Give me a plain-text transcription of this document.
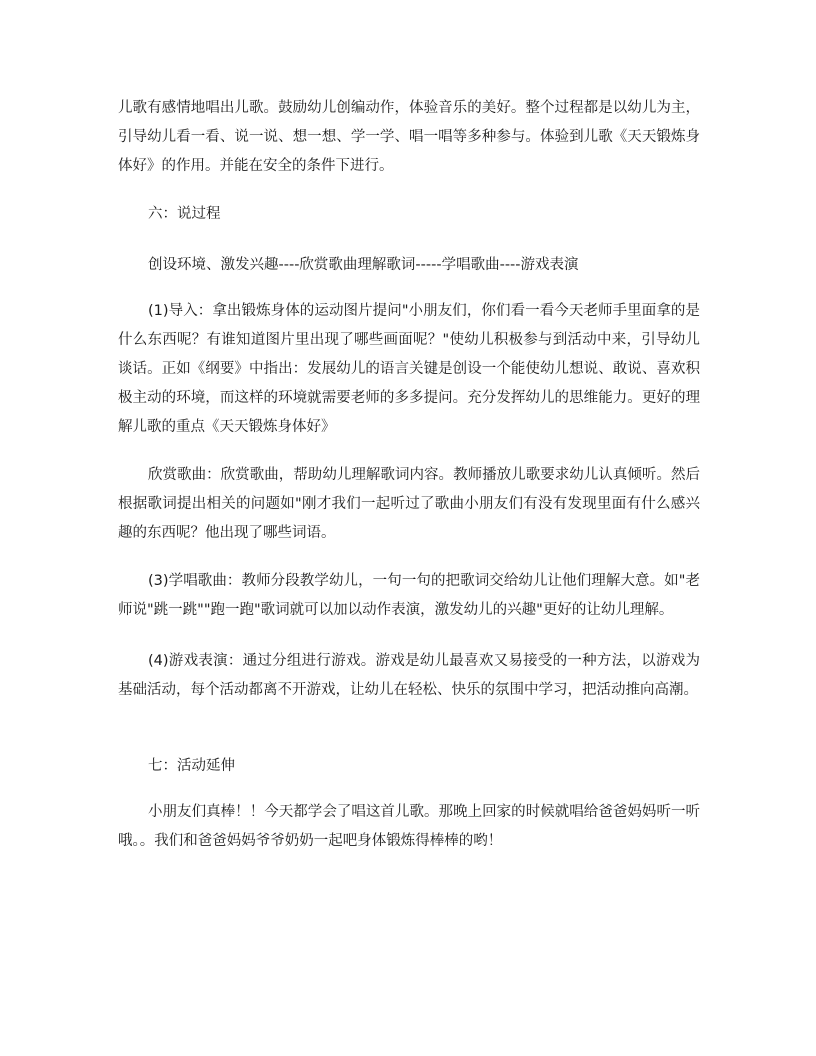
儿歌有感情地唱出儿歌。鼓励幼儿创编动作，体验音乐的美好。整个过程都是以幼儿为主，引导幼儿看一看、说一说、想一想、学一学、唱一唱等多种参与。体验到儿歌《天天锻炼身体好》的作用。并能在安全的条件下进行。

六：说过程

创设环境、激发兴趣----欣赏歌曲理解歌词-----学唱歌曲----游戏表演

(1)导入：拿出锻炼身体的运动图片提问"小朋友们，你们看一看今天老师手里面拿的是什么东西呢？有谁知道图片里出现了哪些画面呢？"使幼儿积极参与到活动中来，引导幼儿谈话。正如《纲要》中指出：发展幼儿的语言关键是创设一个能使幼儿想说、敢说、喜欢积极主动的环境，而这样的环境就需要老师的多多提问。充分发挥幼儿的思维能力。更好的理解儿歌的重点《天天锻炼身体好》

欣赏歌曲：欣赏歌曲，帮助幼儿理解歌词内容。教师播放儿歌要求幼儿认真倾听。然后根据歌词提出相关的问题如"刚才我们一起听过了歌曲小朋友们有没有发现里面有什么感兴趣的东西呢？他出现了哪些词语。

(3)学唱歌曲：教师分段教学幼儿，一句一句的把歌词交给幼儿让他们理解大意。如"老师说"跳一跳""跑一跑"歌词就可以加以动作表演，激发幼儿的兴趣"更好的让幼儿理解。

(4)游戏表演：通过分组进行游戏。游戏是幼儿最喜欢又易接受的一种方法，以游戏为基础活动，每个活动都离不开游戏，让幼儿在轻松、快乐的氛围中学习，把活动推向高潮。

七：活动延伸

小朋友们真棒！！今天都学会了唱这首儿歌。那晚上回家的时候就唱给爸爸妈妈听一听哦。。我们和爸爸妈妈爷爷奶奶一起吧身体锻炼得棒棒的哟！
